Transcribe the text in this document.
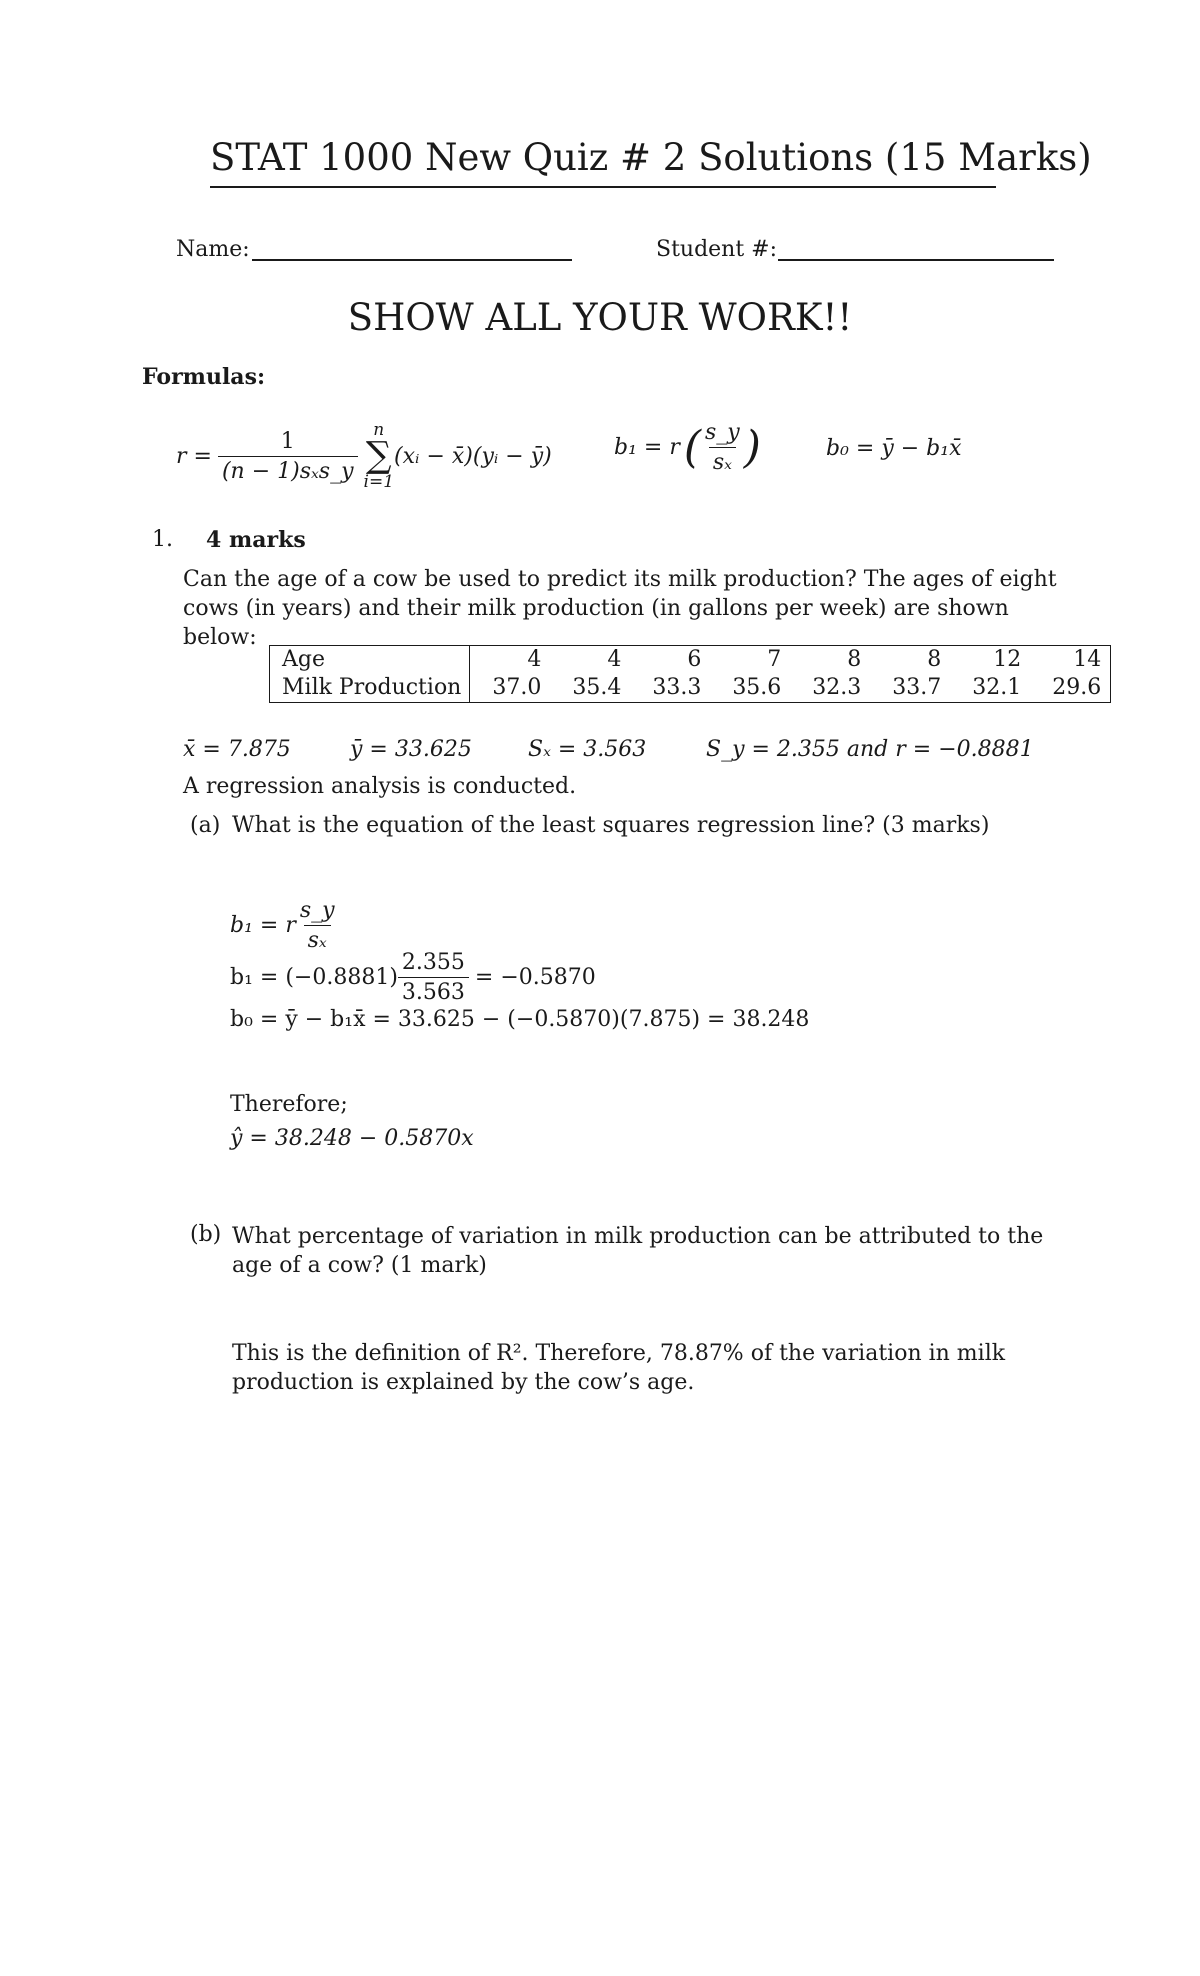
STAT 1000 New Quiz # 2 Solutions (15 Marks)
Name:	Student #:
SHOW ALL YOUR WORK!!
Formulas:
$r = \frac{1}{\text{(n − 1)sₓs\_y}}$ n
∑
i=1
(xᵢ − x̄)(yᵢ − ȳ)	b₁ = r ( $\frac{s\_y}{\text{sₓ}}$ )	b₀ = ȳ − b₁x̄
1. 4 marks
Can the age of a cow be used to predict its milk production? The ages of eight cows (in years) and their milk production (in gallons per week) are shown below:
Age	4	4	6	7	8	8	12	14
Milk Production	37.0	35.4	33.3	35.6	32.3	33.7	32.1	29.6
x̄ = 7.875	ȳ = 33.625	Sₓ = 3.563	S_y = 2.355 and r = −0.8881
A regression analysis is conducted.
(a) What is the equation of the least squares regression line? (3 marks)
b₁ = r $\frac{s\_y}{\text{sₓ}}$
$b_1 = (-0.8881) \frac{2.355}{3.563} = -0.5870$
b₀ = ȳ − b₁x̄ = 33.625 − (−0.5870)(7.875) = 38.248
Therefore;
ŷ = 38.248 − 0.5870x
(b) What percentage of variation in milk production can be attributed to the age of a cow? (1 mark)
This is the definition of R². Therefore, 78.87% of the variation in milk production is explained by the cow’s age.
